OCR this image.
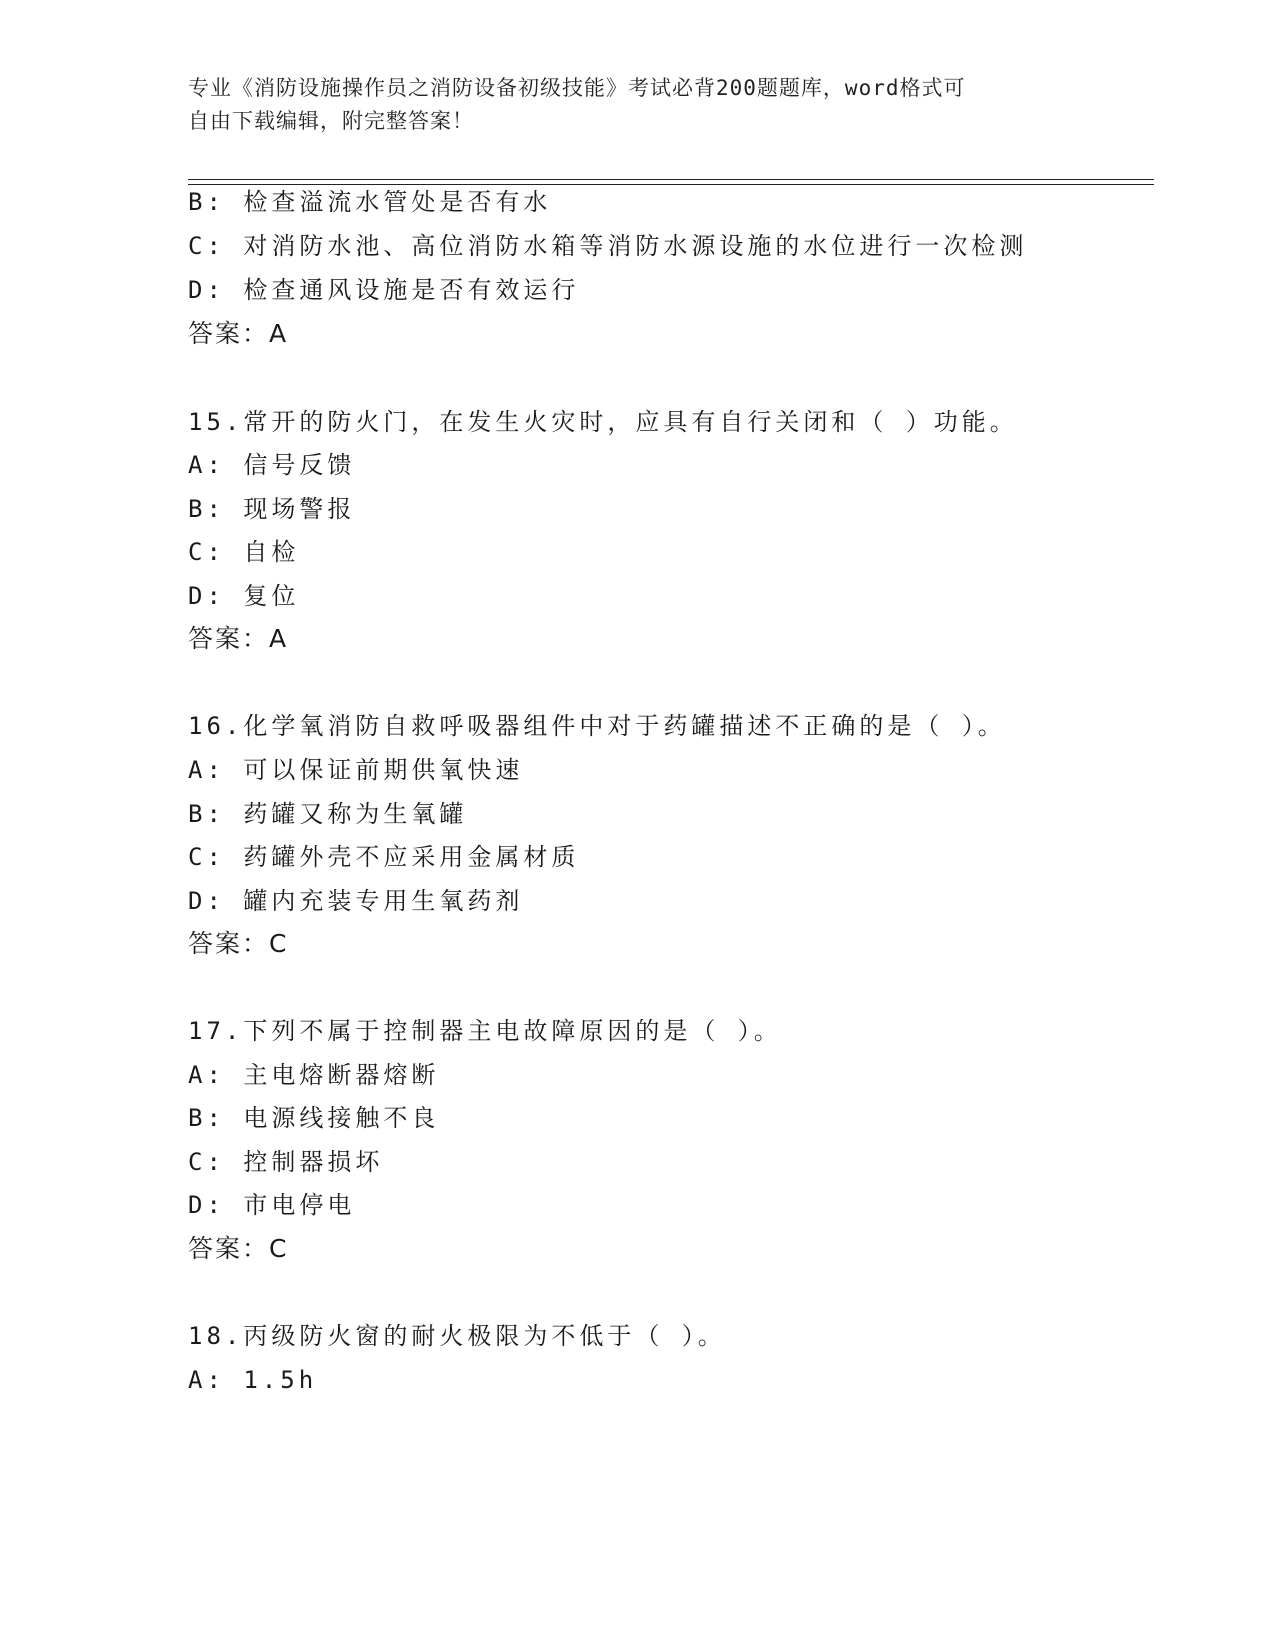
专业《消防设施操作员之消防设备初级技能》考试必背200题题库，word格式可
自由下载编辑，附完整答案！
B: 检查溢流水管处是否有水
C: 对消防水池、高位消防水箱等消防水源设施的水位进行一次检测
D: 检查通风设施是否有效运行
答案：A
15.常开的防火门，在发生火灾时，应具有自行关闭和（ ）功能。
A: 信号反馈
B: 现场警报
C: 自检
D: 复位
答案：A
16.化学氧消防自救呼吸器组件中对于药罐描述不正确的是（ ）。
A: 可以保证前期供氧快速
B: 药罐又称为生氧罐
C: 药罐外壳不应采用金属材质
D: 罐内充装专用生氧药剂
答案：C
17.下列不属于控制器主电故障原因的是（ ）。
A: 主电熔断器熔断
B: 电源线接触不良
C: 控制器损坏
D: 市电停电
答案：C
18.丙级防火窗的耐火极限为不低于（ ）。
A: 1.5h
